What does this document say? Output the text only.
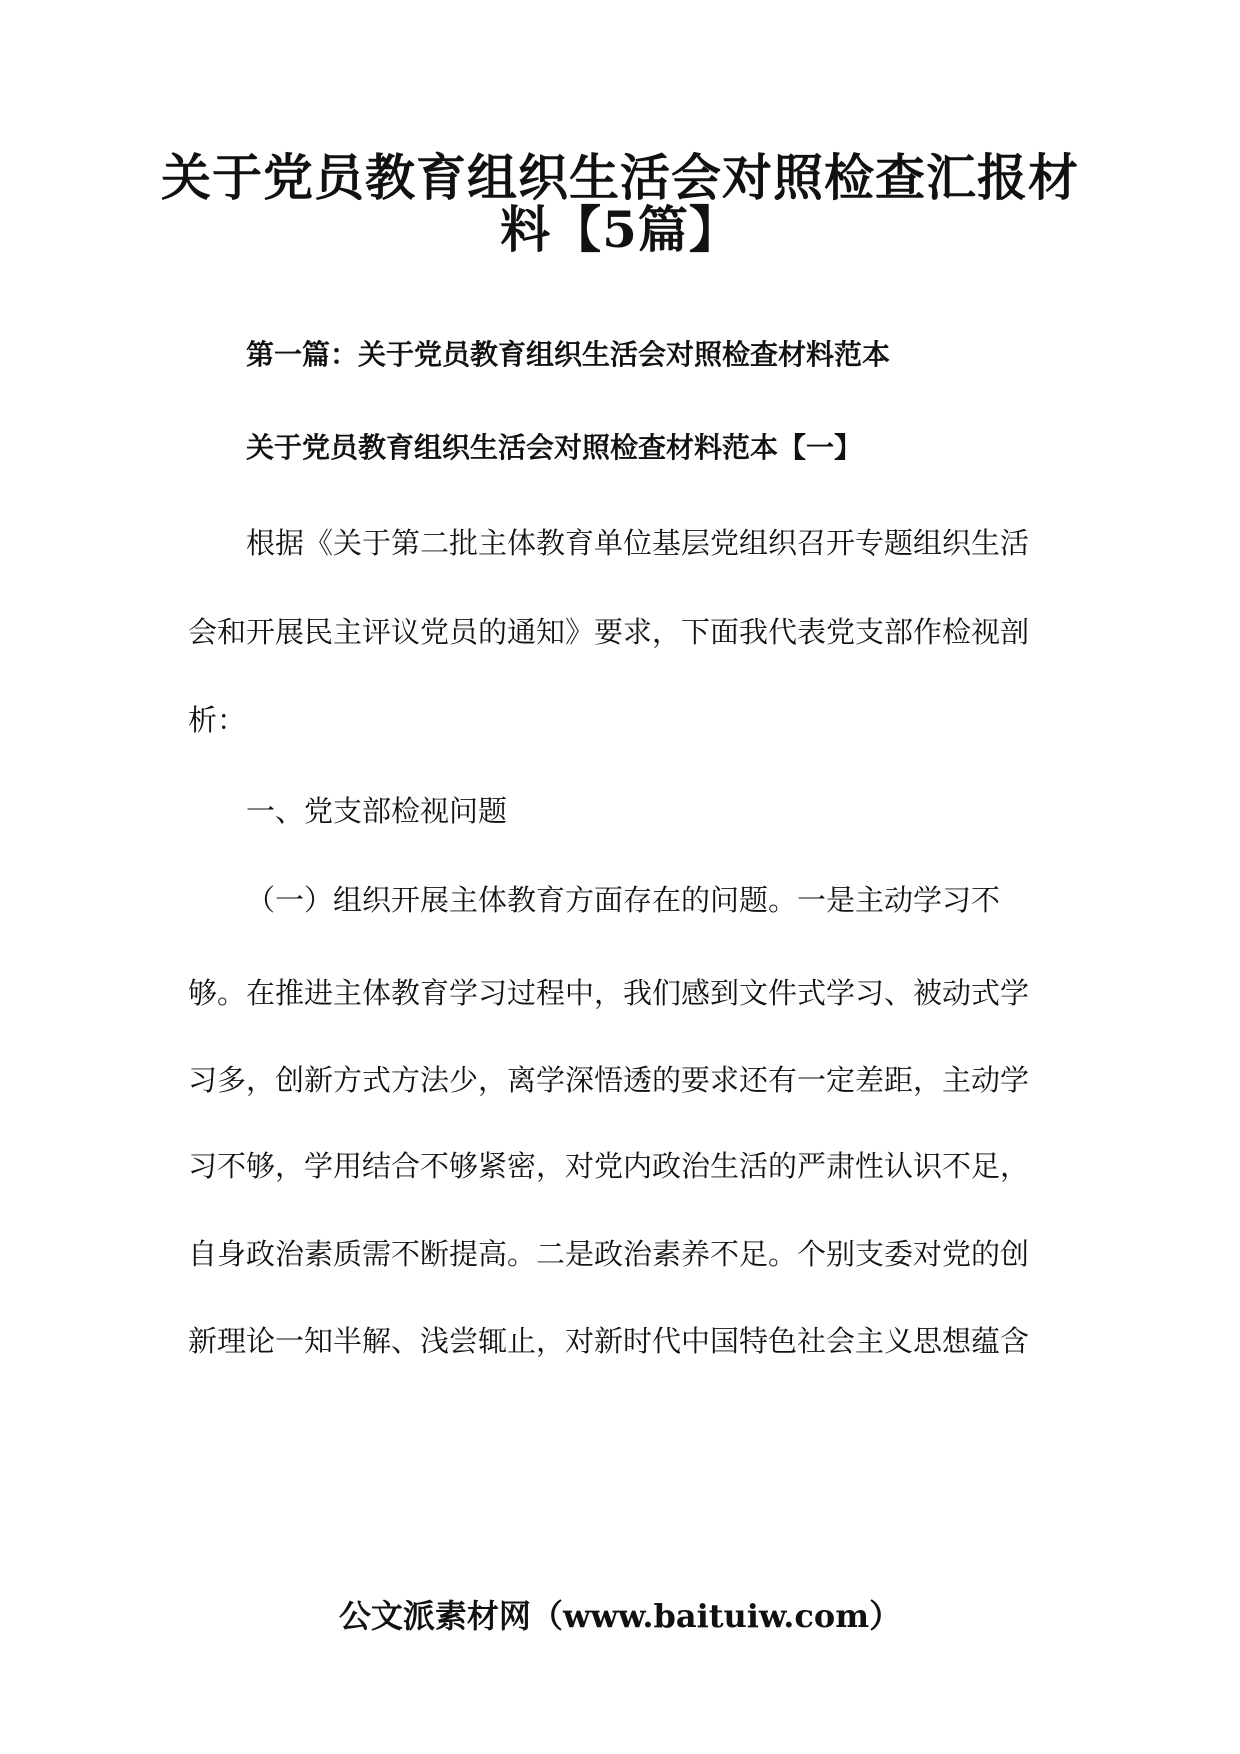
关于党员教育组织生活会对照检查汇报材
料【5篇】
第一篇：关于党员教育组织生活会对照检查材料范本
关于党员教育组织生活会对照检查材料范本【一】
根据《关于第二批主体教育单位基层党组织召开专题组织生活
会和开展民主评议党员的通知》要求，下面我代表党支部作检视剖
析：
一、党支部检视问题
（一）组织开展主体教育方面存在的问题。一是主动学习不
够。在推进主体教育学习过程中，我们感到文件式学习、被动式学
习多，创新方式方法少，离学深悟透的要求还有一定差距，主动学
习不够，学用结合不够紧密，对党内政治生活的严肃性认识不足，
自身政治素质需不断提高。二是政治素养不足。个别支委对党的创
新理论一知半解、浅尝辄止，对新时代中国特色社会主义思想蕴含
公文派素材网（www.baituiw.com）
